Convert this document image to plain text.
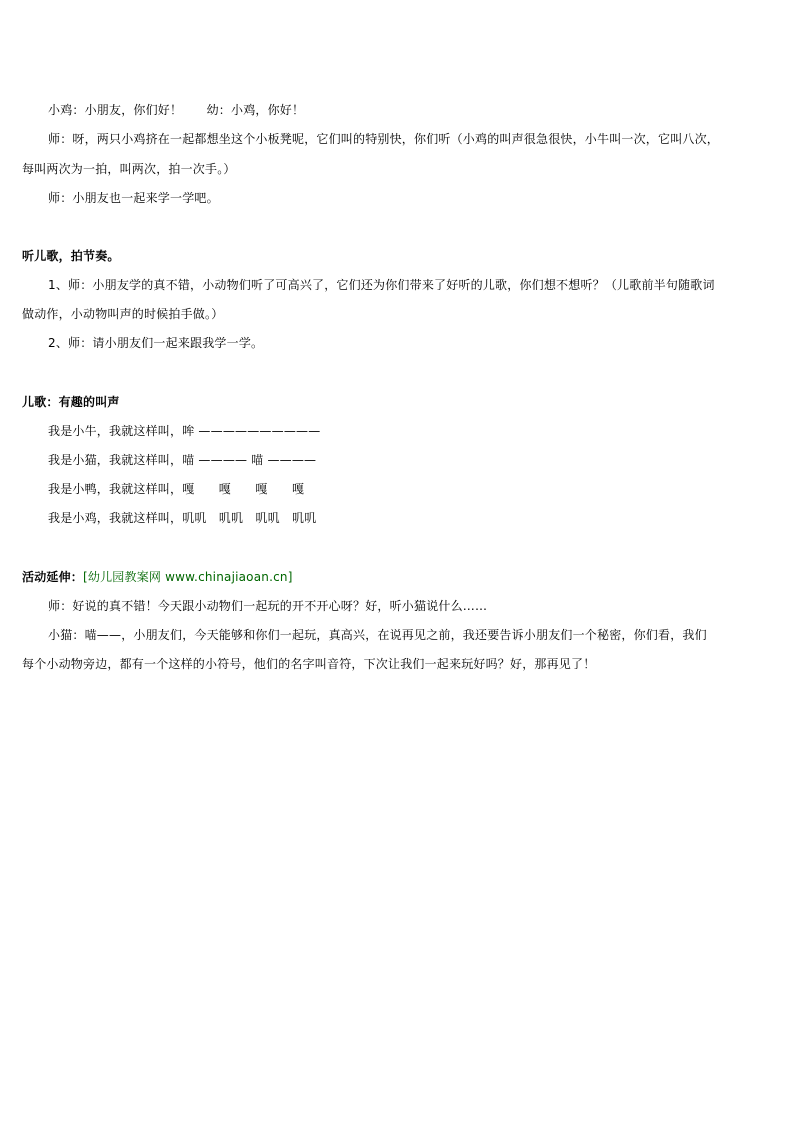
小鸡：小朋友，你们好！　　幼：小鸡，你好！
师：呀，两只小鸡挤在一起都想坐这个小板凳呢，它们叫的特别快，你们听（小鸡的叫声很急很快，小牛叫一次，它叫八次，
每叫两次为一拍，叫两次，拍一次手。）
师：小朋友也一起来学一学吧。
听儿歌，拍节奏。
1、师：小朋友学的真不错，小动物们听了可高兴了，它们还为你们带来了好听的儿歌，你们想不想听？（儿歌前半句随歌词
做动作，小动物叫声的时候拍手做。）
2、师：请小朋友们一起来跟我学一学。
儿歌：有趣的叫声
我是小牛，我就这样叫，哞 ——————————
我是小猫，我就这样叫，喵 ———— 喵 ————
我是小鸭，我就这样叫，嘎　　嘎　　嘎　　嘎
我是小鸡，我就这样叫，叽叽　叽叽　叽叽　叽叽
活动延伸：[幼儿园教案网 www.chinajiaoan.cn]
师：好说的真不错！今天跟小动物们一起玩的开不开心呀？好，听小猫说什么……
小猫：喵——，小朋友们，今天能够和你们一起玩，真高兴，在说再见之前，我还要告诉小朋友们一个秘密，你们看，我们
每个小动物旁边，都有一个这样的小符号，他们的名字叫音符，下次让我们一起来玩好吗？好，那再见了！
